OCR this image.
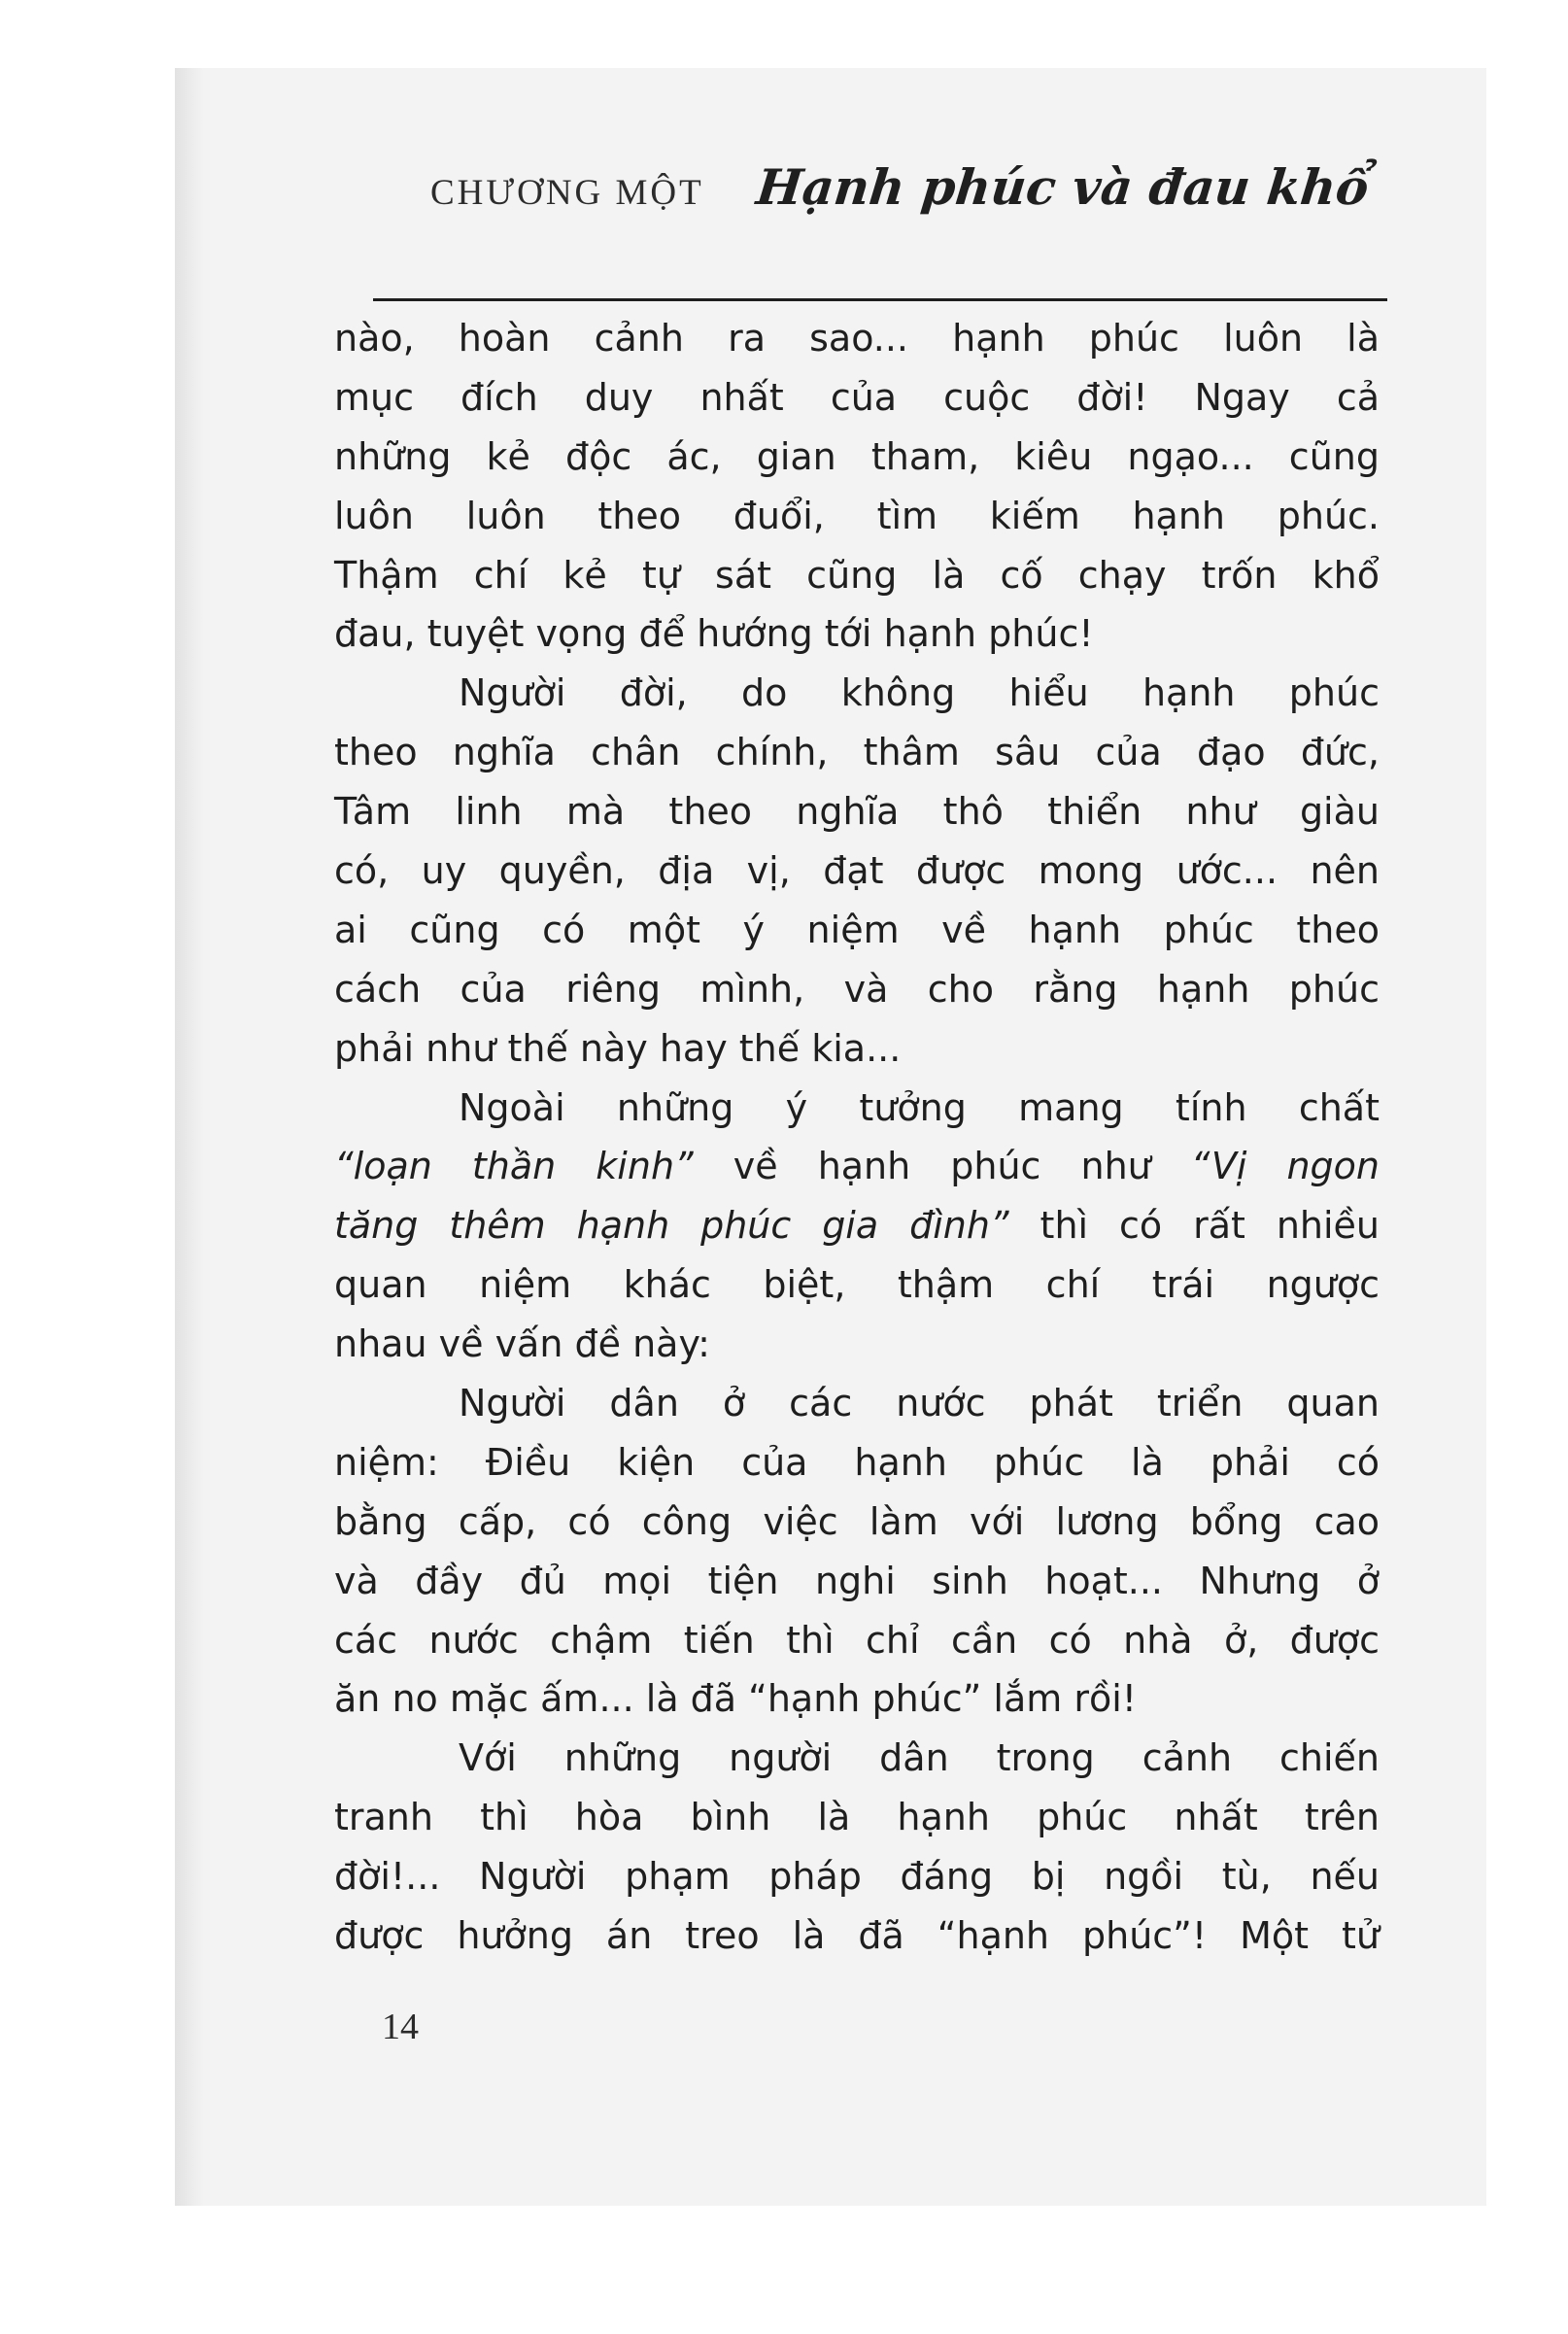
CHƯƠNG MỘT Hạnh phúc và đau khổ
nào, hoàn cảnh ra sao... hạnh phúc luôn là
mục đích duy nhất của cuộc đời! Ngay cả
những kẻ độc ác, gian tham, kiêu ngạo... cũng
luôn luôn theo đuổi, tìm kiếm hạnh phúc.
Thậm chí kẻ tự sát cũng là cố chạy trốn khổ
đau, tuyệt vọng để hướng tới hạnh phúc!
Người đời, do không hiểu hạnh phúc
theo nghĩa chân chính, thâm sâu của đạo đức,
Tâm linh mà theo nghĩa thô thiển như giàu
có, uy quyền, địa vị, đạt được mong ước... nên
ai cũng có một ý niệm về hạnh phúc theo
cách của riêng mình, và cho rằng hạnh phúc
phải như thế này hay thế kia...
Ngoài những ý tưởng mang tính chất
“loạn thần kinh” về hạnh phúc như “Vị ngon
tăng thêm hạnh phúc gia đình” thì có rất nhiều
quan niệm khác biệt, thậm chí trái ngược
nhau về vấn đề này:
Người dân ở các nước phát triển quan
niệm: Điều kiện của hạnh phúc là phải có
bằng cấp, có công việc làm với lương bổng cao
và đầy đủ mọi tiện nghi sinh hoạt... Nhưng ở
các nước chậm tiến thì chỉ cần có nhà ở, được
ăn no mặc ấm... là đã “hạnh phúc” lắm rồi!
Với những người dân trong cảnh chiến
tranh thì hòa bình là hạnh phúc nhất trên
đời!... Người phạm pháp đáng bị ngồi tù, nếu
được hưởng án treo là đã “hạnh phúc”! Một tử
14
